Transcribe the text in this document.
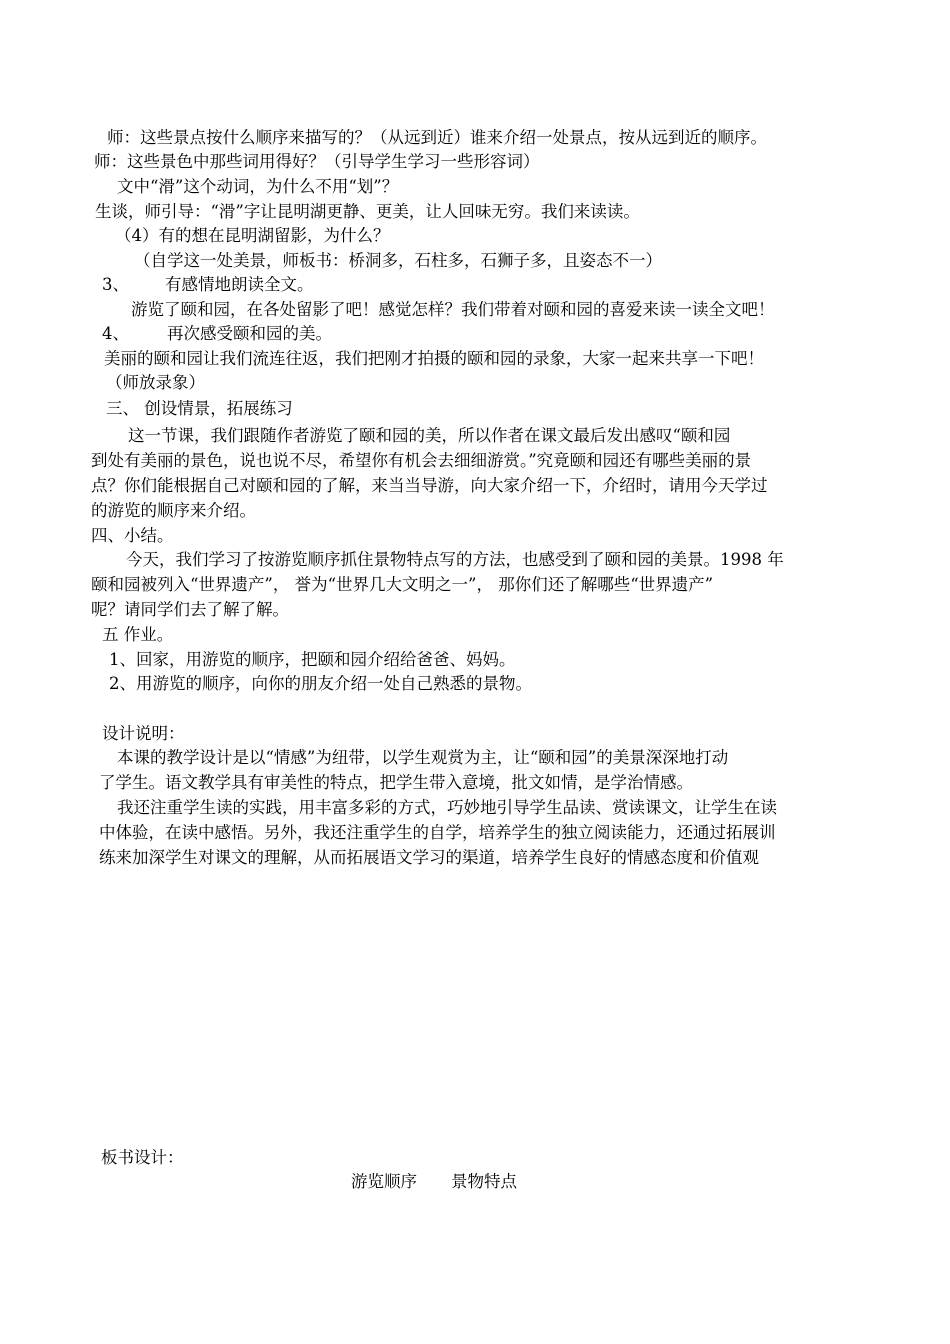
师：这些景点按什么顺序来描写的？（从远到近）谁来介绍一处景点，按从远到近的顺序。
师：这些景色中那些词用得好？（引导学生学习一些形容词）
文中“滑”这个动词，为什么不用“划”？
生谈，师引导：“滑”字让昆明湖更静、更美，让人回味无穷。我们来读读。
（4）有的想在昆明湖留影，为什么？
（自学这一处美景，师板书：桥洞多，石柱多，石狮子多，且姿态不一）
3、 有感情地朗读全文。
游览了颐和园，在各处留影了吧！感觉怎样？我们带着对颐和园的喜爱来读一读全文吧！
4、 再次感受颐和园的美。
美丽的颐和园让我们流连往返，我们把刚才拍摄的颐和园的录象，大家一起来共享一下吧！
（师放录象）
三、 创设情景，拓展练习
这一节课，我们跟随作者游览了颐和园的美，所以作者在课文最后发出感叹“颐和园
到处有美丽的景色，说也说不尽，希望你有机会去细细游赏。”究竟颐和园还有哪些美丽的景
点？你们能根据自己对颐和园的了解，来当当导游，向大家介绍一下，介绍时，请用今天学过
的游览的顺序来介绍。
四、小结。
今天，我们学习了按游览顺序抓住景物特点写的方法，也感受到了颐和园的美景。1998 年
颐和园被列入“世界遗产”， 誉为“世界几大文明之一”， 那你们还了解哪些“世界遗产”
呢？请同学们去了解了解。
五 作业。
1、回家，用游览的顺序，把颐和园介绍给爸爸、妈妈。
2、用游览的顺序，向你的朋友介绍一处自己熟悉的景物。
设计说明：
本课的教学设计是以“情感”为纽带，以学生观赏为主，让“颐和园”的美景深深地打动
了学生。语文教学具有审美性的特点，把学生带入意境，批文如情，是学治情感。
我还注重学生读的实践，用丰富多彩的方式，巧妙地引导学生品读、赏读课文，让学生在读
中体验，在读中感悟。另外，我还注重学生的自学，培养学生的独立阅读能力，还通过拓展训
练来加深学生对课文的理解，从而拓展语文学习的渠道，培养学生良好的情感态度和价值观
板书设计：
游览顺序 景物特点
